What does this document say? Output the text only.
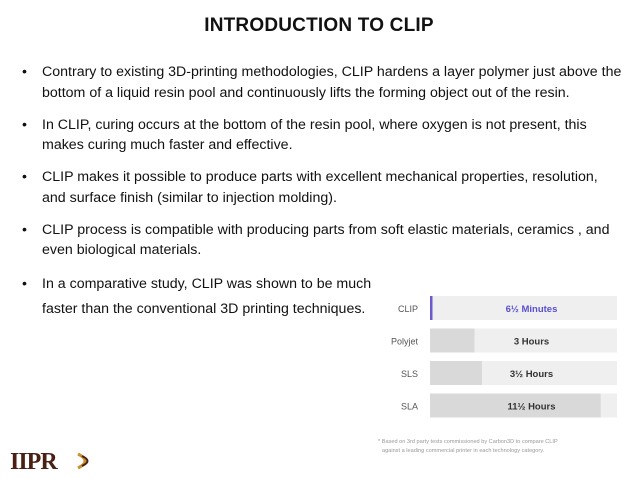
INTRODUCTION TO CLIP
• Contrary to existing 3D-printing methodologies, CLIP hardens a layer polymer just above the bottom of a liquid resin pool and continuously lifts the forming object out of the resin.
• In CLIP, curing occurs at the bottom of the resin pool, where oxygen is not present, this makes curing much faster and effective.
• CLIP makes it possible to produce parts with excellent mechanical properties, resolution, and surface finish (similar to injection molding).
• CLIP process is compatible with producing parts from soft elastic materials, ceramics , and even biological materials.
• In a comparative study, CLIP was shown to be much faster than the conventional 3D printing techniques.	CLIP	6½ Minutes
Polyjet	3 Hours
SLS	3½ Hours
SLA	11½ Hours
* Based on 3rd party tests commissioned by Carbon3D to compare CLIP
against a leading commercial printer in each technology category.
IIPR
